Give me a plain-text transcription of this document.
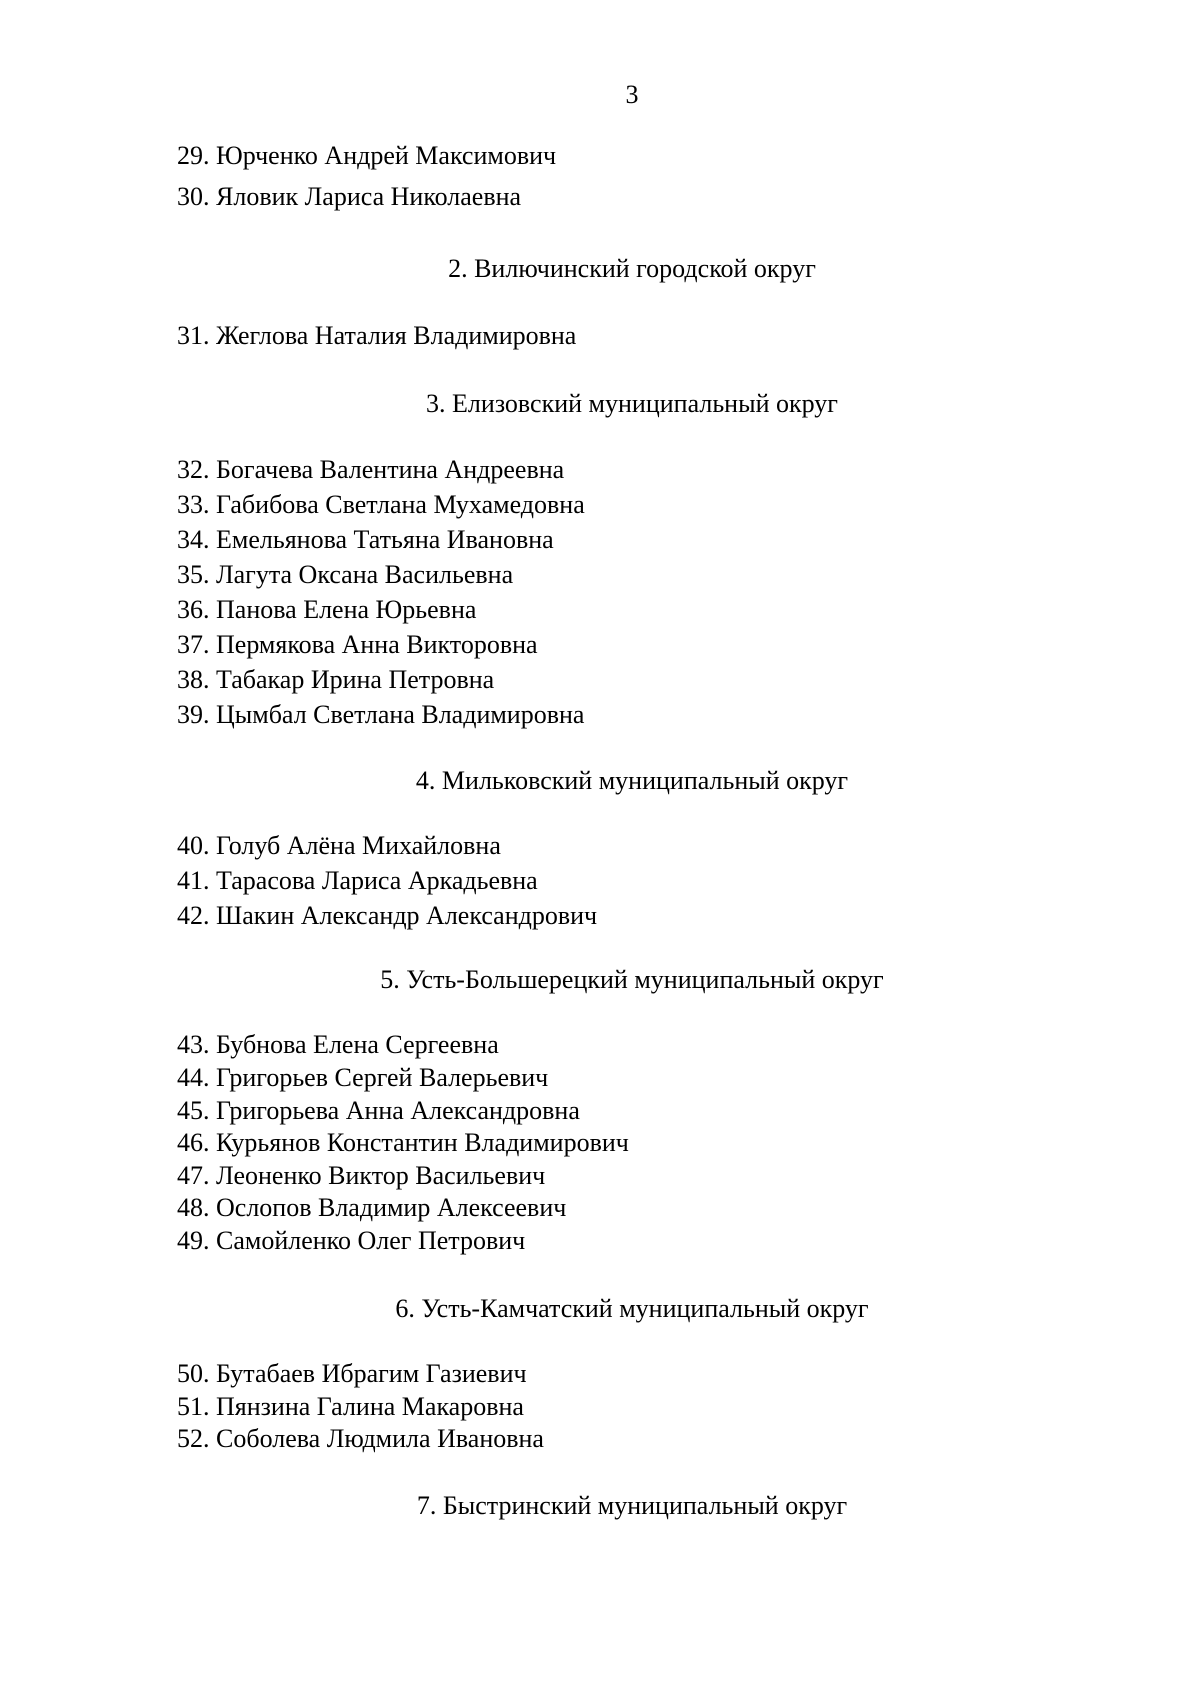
3
29. Юрченко Андрей Максимович
30. Яловик Лариса Николаевна
2. Вилючинский городской округ
31. Жеглова Наталия Владимировна
3. Елизовский муниципальный округ
32. Богачева Валентина Андреевна
33. Габибова Светлана Мухамедовна
34. Емельянова Татьяна Ивановна
35. Лагута Оксана Васильевна
36. Панова Елена Юрьевна
37. Пермякова Анна Викторовна
38. Табакар Ирина Петровна
39. Цымбал Светлана Владимировна
4. Мильковский муниципальный округ
40. Голуб Алёна Михайловна
41. Тарасова Лариса Аркадьевна
42. Шакин Александр Александрович
5. Усть-Большерецкий муниципальный округ
43. Бубнова Елена Сергеевна
44. Григорьев Сергей Валерьевич
45. Григорьева Анна Александровна
46. Курьянов Константин Владимирович
47. Леоненко Виктор Васильевич
48. Ослопов Владимир Алексеевич
49. Самойленко Олег Петрович
6. Усть-Камчатский муниципальный округ
50. Бутабаев Ибрагим Газиевич
51. Пянзина Галина Макаровна
52. Соболева Людмила Ивановна
7. Быстринский муниципальный округ
